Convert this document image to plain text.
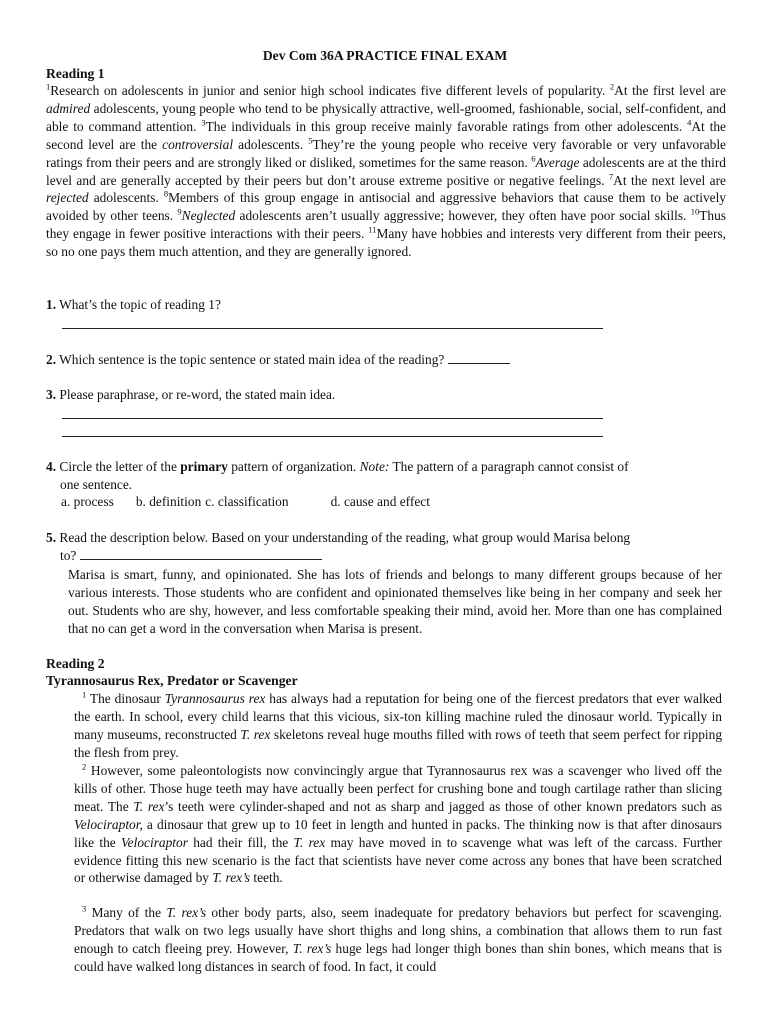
Dev Com 36A PRACTICE FINAL EXAM
Reading 1
$^1$Research on adolescents in junior and senior high school indicates five different levels of popularity. $^2$At the first level are admired adolescents, young people who tend to be physically attractive, well-groomed, fashionable, social, self-confident, and able to command attention. $^3$The individuals in this group receive mainly favorable ratings from other adolescents. $^4$At the second level are the controversial adolescents. $^5$They’re the young people who receive very favorable or very unfavorable ratings from their peers and are strongly liked or disliked, sometimes for the same reason. $^6$Average adolescents are at the third level and are generally accepted by their peers but don’t arouse extreme positive or negative feelings. $^7$At the next level are rejected adolescents. $^8$Members of this group engage in antisocial and aggressive behaviors that cause them to be actively avoided by other teens. $^9$Neglected adolescents aren’t usually aggressive; however, they often have poor social skills. $^{10}$Thus they engage in fewer positive interactions with their peers. $^{11}$Many have hobbies and interests very different from their peers, so no one pays them much attention, and they are generally ignored.
1. What’s the topic of reading 1?
2. Which sentence is the topic sentence or stated main idea of the reading?
3. Please paraphrase, or re-word, the stated main idea.
4. Circle the letter of the primary pattern of organization. Note: The pattern of a paragraph cannot consist of
one sentence.
a. process b. definition c. classification	d. cause and effect
5. Read the description below. Based on your understanding of the reading, what group would Marisa belong
to?
Marisa is smart, funny, and opinionated. She has lots of friends and belongs to many different groups because of her various interests. Those students who are confident and opinionated themselves like being in her company and seek her out. Students who are shy, however, and less comfortable speaking their mind, avoid her. More than one has complained that no can get a word in the conversation when Marisa is present.
Reading 2
Tyrannosaurus Rex, Predator or Scavenger
$^1$ The dinosaur Tyrannosaurus rex has always had a reputation for being one of the fiercest predators that ever walked the earth. In school, every child learns that this vicious, six-ton killing machine ruled the dinosaur world. Typically in many museums, reconstructed T. rex skeletons reveal huge mouths filled with rows of teeth that seem perfect for ripping the flesh from prey.
$^2$ However, some paleontologists now convincingly argue that Tyrannosaurus rex was a scavenger who lived off the kills of other. Those huge teeth may have actually been perfect for crushing bone and tough cartilage rather than slicing meat. The T. rex’s teeth were cylinder-shaped and not as sharp and jagged as those of other known predators such as Velociraptor, a dinosaur that grew up to 10 feet in length and hunted in packs. The thinking now is that after dinosaurs like the Velociraptor had their fill, the T. rex may have moved in to scavenge what was left of the carcass. Further evidence fitting this new scenario is the fact that scientists have never come across any bones that have been scratched or otherwise damaged by T. rex’s teeth.
$^3$ Many of the T. rex’s other body parts, also, seem inadequate for predatory behaviors but perfect for scavenging. Predators that walk on two legs usually have short thighs and long shins, a combination that allows them to run fast enough to catch fleeing prey. However, T. rex’s huge legs had longer thigh bones than shin bones, which means that is could have walked long distances in search of food. In fact, it could
